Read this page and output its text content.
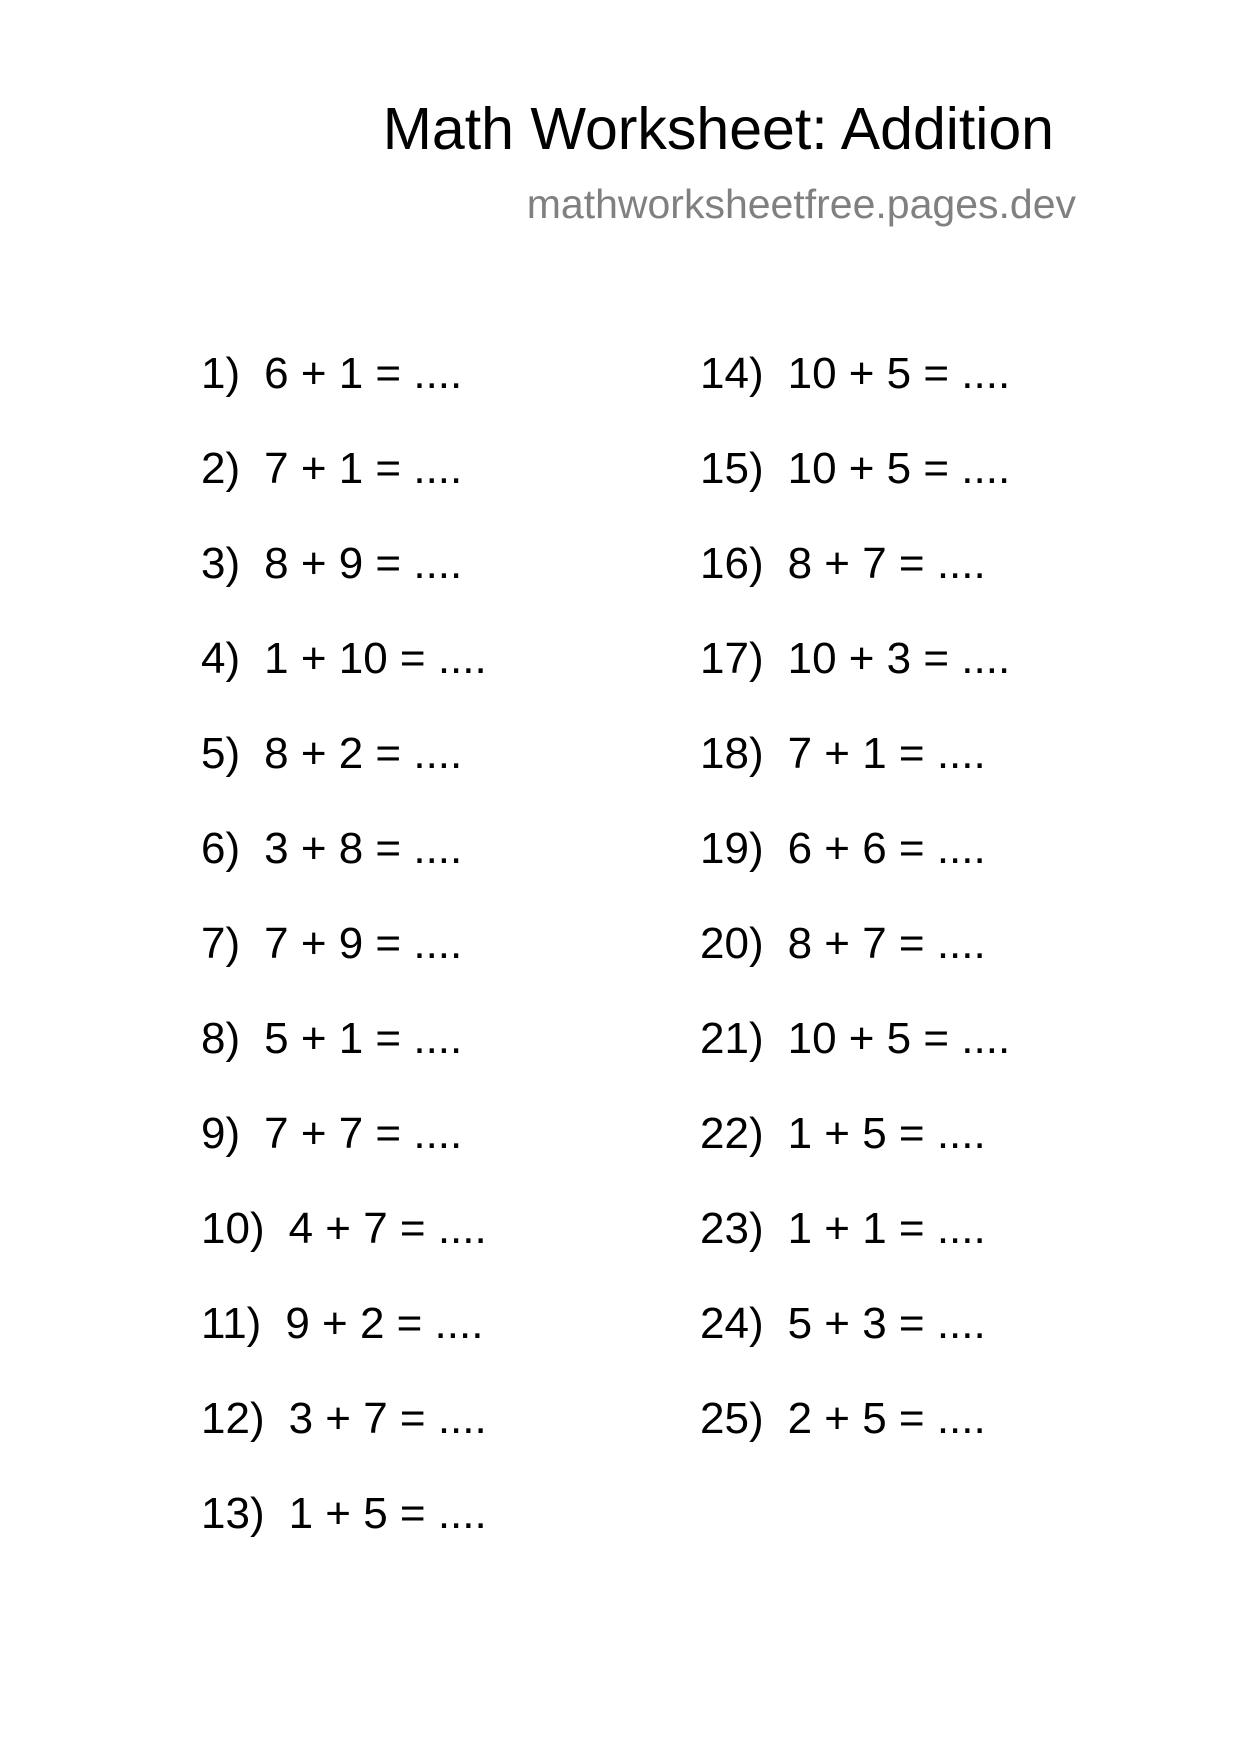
Math Worksheet: Addition
mathworksheetfree.pages.dev
1) 6 + 1 = ....
2) 7 + 1 = ....
3) 8 + 9 = ....
4) 1 + 10 = ....
5) 8 + 2 = ....
6) 3 + 8 = ....
7) 7 + 9 = ....
8) 5 + 1 = ....
9) 7 + 7 = ....
10) 4 + 7 = ....
11) 9 + 2 = ....
12) 3 + 7 = ....
13) 1 + 5 = ....
14) 10 + 5 = ....
15) 10 + 5 = ....
16) 8 + 7 = ....
17) 10 + 3 = ....
18) 7 + 1 = ....
19) 6 + 6 = ....
20) 8 + 7 = ....
21) 10 + 5 = ....
22) 1 + 5 = ....
23) 1 + 1 = ....
24) 5 + 3 = ....
25) 2 + 5 = ....
